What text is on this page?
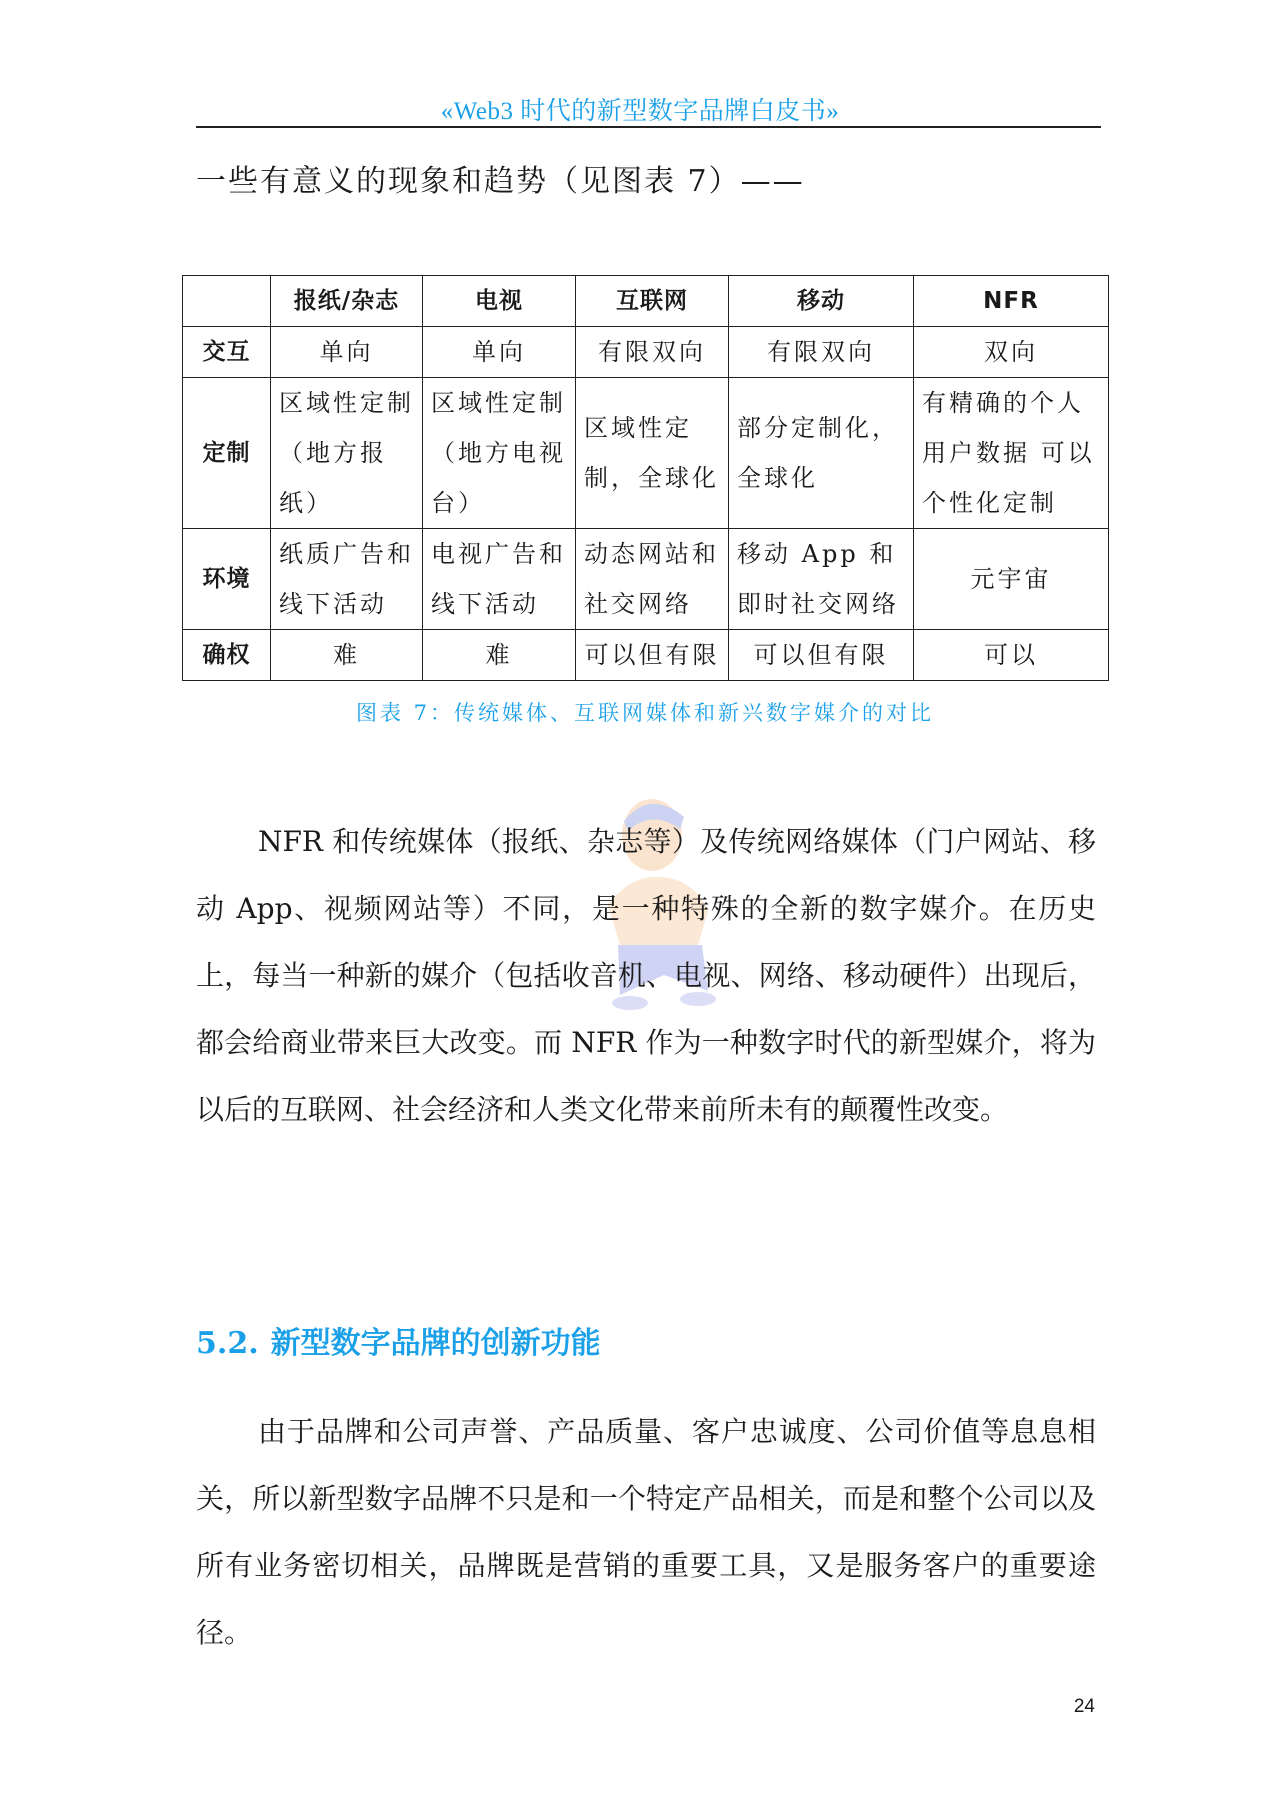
«Web3 时代的新型数字品牌白皮书»
一些有意义的现象和趋势（见图表 7）——
	报纸/杂志	电视	互联网	移动	NFR
交互	单向	单向	有限双向	有限双向	双向
定制	区域性定制（地方报纸）	区域性定制（地方电视台）	区域性定制，全球化	部分定制化，全球化	有精确的个人用户数据 可以个性化定制
环境	纸质广告和线下活动	电视广告和线下活动	动态网站和社交网络	移动 App 和即时社交网络	元宇宙
确权	难	难	可以但有限	可以但有限	可以
图表 7：传统媒体、互联网媒体和新兴数字媒介的对比

NFR 和传统媒体（报纸、杂志等）及传统网络媒体（门户网站、移动 App、视频网站等）不同，是一种特殊的全新的数字媒介。在历史上，每当一种新的媒介（包括收音机、电视、网络、移动硬件）出现后，都会给商业带来巨大改变。而 NFR 作为一种数字时代的新型媒介，将为以后的互联网、社会经济和人类文化带来前所未有的颠覆性改变。

5.2. 新型数字品牌的创新功能

由于品牌和公司声誉、产品质量、客户忠诚度、公司价值等息息相关，所以新型数字品牌不只是和一个特定产品相关，而是和整个公司以及所有业务密切相关，品牌既是营销的重要工具，又是服务客户的重要途径。

24
